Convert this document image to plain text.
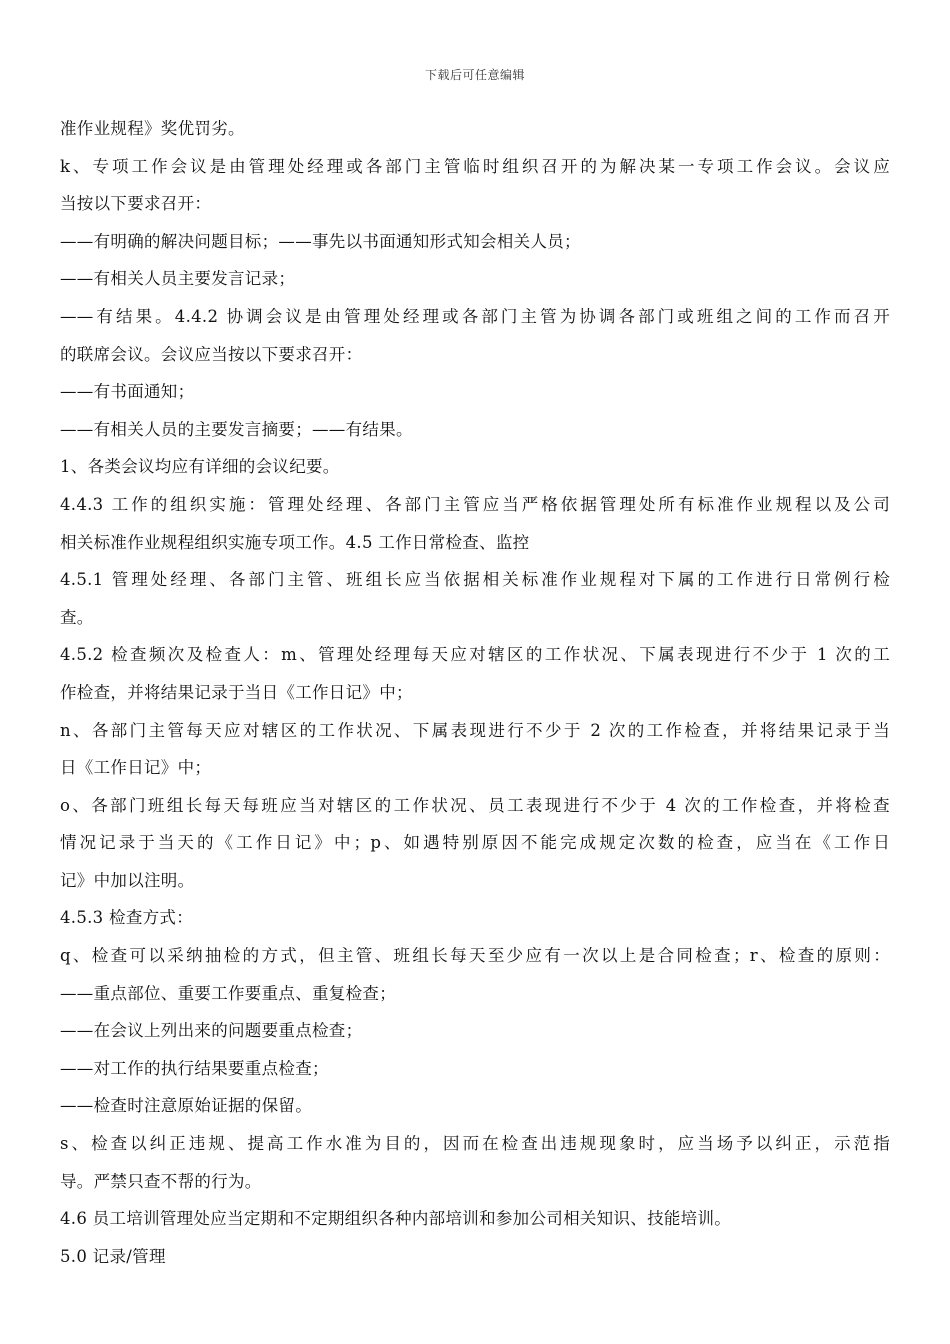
下载后可任意编辑
准作业规程》奖优罚劣。
k、专项工作会议是由管理处经理或各部门主管临时组织召开的为解决某一专项工作会议。会议应
当按以下要求召开：
——有明确的解决问题目标；——事先以书面通知形式知会相关人员；
——有相关人员主要发言记录；
——有结果。4.4.2 协调会议是由管理处经理或各部门主管为协调各部门或班组之间的工作而召开
的联席会议。会议应当按以下要求召开：
——有书面通知；
——有相关人员的主要发言摘要；——有结果。
1、各类会议均应有详细的会议纪要。
4.4.3 工作的组织实施：管理处经理、各部门主管应当严格依据管理处所有标准作业规程以及公司
相关标准作业规程组织实施专项工作。4.5 工作日常检查、监控
4.5.1 管理处经理、各部门主管、班组长应当依据相关标准作业规程对下属的工作进行日常例行检
查。
4.5.2 检查频次及检查人：m、管理处经理每天应对辖区的工作状况、下属表现进行不少于 1 次的工
作检查，并将结果记录于当日《工作日记》中；
n、各部门主管每天应对辖区的工作状况、下属表现进行不少于 2 次的工作检查，并将结果记录于当
日《工作日记》中；
o、各部门班组长每天每班应当对辖区的工作状况、员工表现进行不少于 4 次的工作检查，并将检查
情况记录于当天的《工作日记》中；p、如遇特别原因不能完成规定次数的检查，应当在《工作日
记》中加以注明。
4.5.3 检查方式：
q、检查可以采纳抽检的方式，但主管、班组长每天至少应有一次以上是合同检查；r、检查的原则：
——重点部位、重要工作要重点、重复检查；
——在会议上列出来的问题要重点检查；
——对工作的执行结果要重点检查；
——检查时注意原始证据的保留。
s、检查以纠正违规、提高工作水准为目的，因而在检查出违规现象时，应当场予以纠正，示范指
导。严禁只查不帮的行为。
4.6 员工培训管理处应当定期和不定期组织各种内部培训和参加公司相关知识、技能培训。
5.0 记录/管理
